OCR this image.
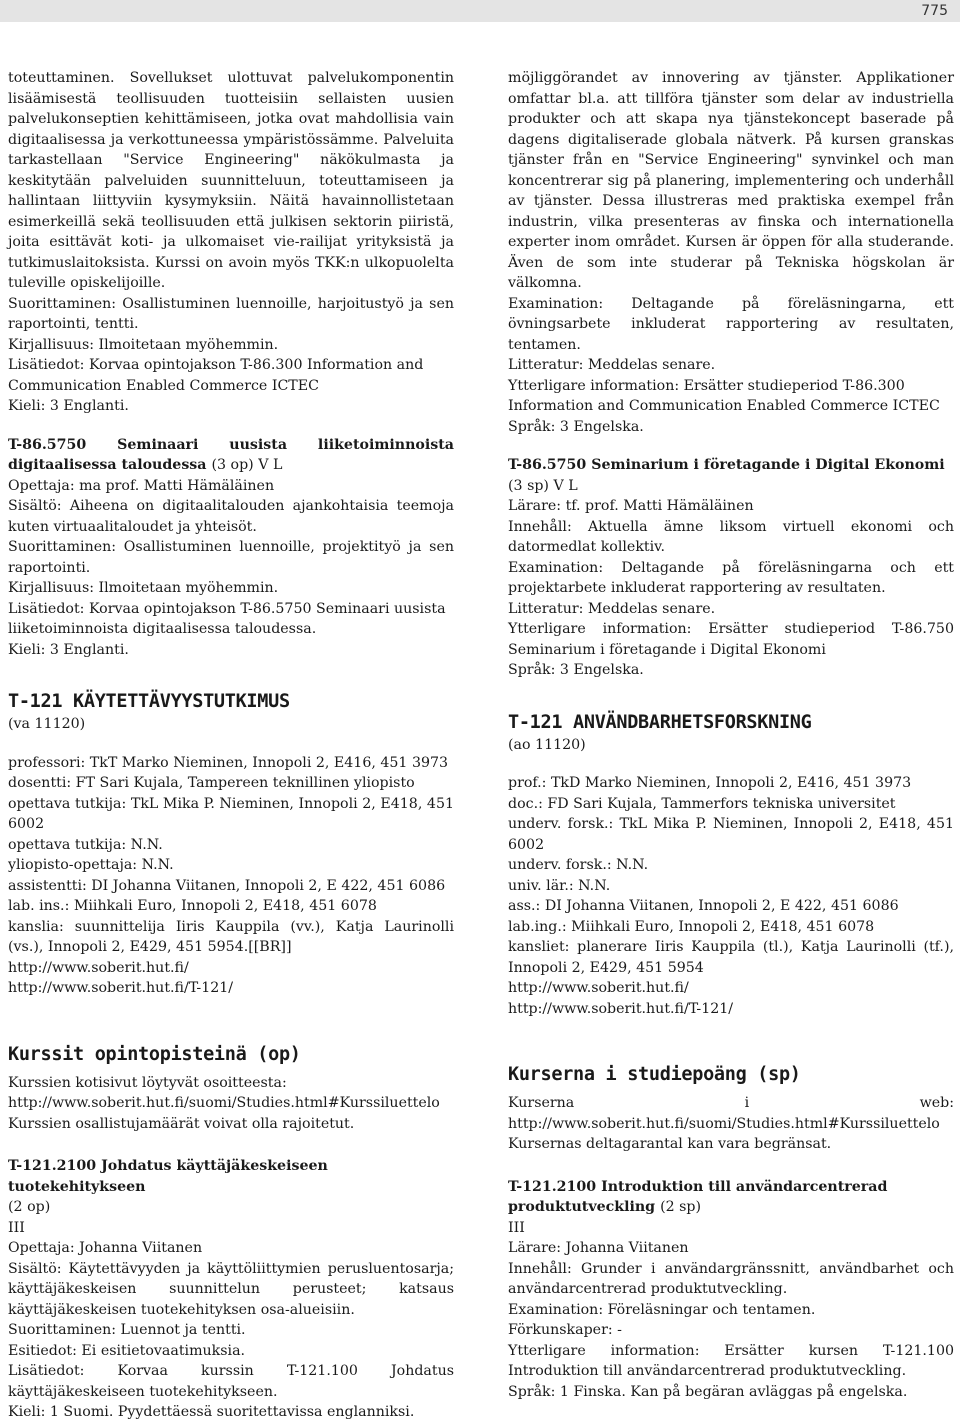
775

toteuttaminen. Sovellukset ulottuvat palvelukomponentin lisäämisestä teollisuuden tuotteisiin sellaisten uusien palvelukonseptien kehittämiseen, jotka ovat mahdollisia vain digitaalisessa ja verkottuneessa ympäristössämme. Palveluita tarkastellaan "Service Engineering" näkökulmasta ja keskitytään palveluiden suunnitteluun, toteuttamiseen ja hallintaan liittyviin kysymyksiin. Näitä havainnollistetaan esimerkeillä sekä teollisuuden että julkisen sektorin piiristä, joita esittävät koti- ja ulkomaiset vie-railijat yrityksistä ja tutkimuslaitoksista. Kurssi on avoin myös TKK:n ulkopuolelta tuleville opiskelijoille.

Suorittaminen: Osallistuminen luennoille, harjoitustyö ja sen raportointi, tentti.

Kirjallisuus: Ilmoitetaan myöhemmin.

Lisätiedot: Korvaa opintojakson T-86.300 Information and Communication Enabled Commerce ICTEC

Kieli: 3 Englanti.

T-86.5750 Seminaari uusista liiketoiminnoista digitaalisessa taloudessa (3 op) V L

Opettaja: ma prof. Matti Hämäläinen

Sisältö: Aiheena on digitaalitalouden ajankohtaisia teemoja kuten virtuaalitaloudet ja yhteisöt.

Suorittaminen: Osallistuminen luennoille, projektityö ja sen raportointi.

Kirjallisuus: Ilmoitetaan myöhemmin.

Lisätiedot: Korvaa opintojakson T-86.5750 Seminaari uusista liiketoiminnoista digitaalisessa taloudessa.

Kieli: 3 Englanti.

T-121 KÄYTETTÄVYYSTUTKIMUS

(va 11120)

professori: TkT Marko Nieminen, Innopoli 2, E416, 451 3973

dosentti: FT Sari Kujala, Tampereen teknillinen yliopisto

opettava tutkija: TkL Mika P. Nieminen, Innopoli 2, E418, 451 6002

opettava tutkija: N.N.

yliopisto-opettaja: N.N.

assistentti: DI Johanna Viitanen, Innopoli 2, E 422, 451 6086

lab. ins.: Miihkali Euro, Innopoli 2, E418, 451 6078

kanslia: suunnittelija Iiris Kauppila (vv.), Katja Laurinolli (vs.), Innopoli 2, E429, 451 5954.[[BR]]

http://www.soberit.hut.fi/

http://www.soberit.hut.fi/T-121/

Kurssit opintopisteinä (op)

Kurssien kotisivut löytyvät osoitteesta: http://www.soberit.hut.fi/suomi/Studies.html#Kurssiluettelo

Kurssien osallistujamäärät voivat olla rajoitetut.

T-121.2100 Johdatus käyttäjäkeskeiseen tuotekehitykseen

(2 op)

III

Opettaja: Johanna Viitanen

Sisältö: Käytettävyyden ja käyttöliittymien perusluentosarja; käyttäjäkeskeisen suunnittelun perusteet; katsaus käyttäjäkeskeisen tuotekehityksen osa-alueisiin.

Suorittaminen: Luennot ja tentti.

Esitiedot: Ei esitietovaatimuksia.

Lisätiedot: Korvaa kurssin T-121.100 Johdatus käyttäjäkeskeiseen tuotekehitykseen.

Kieli: 1 Suomi. Pyydettäessä suoritettavissa englanniksi.

möjliggörandet av innovering av tjänster. Applikationer omfattar bl.a. att tillföra tjänster som delar av industriella produkter och att skapa nya tjänstekoncept baserade på dagens digitaliserade globala nätverk. På kursen granskas tjänster från en "Service Engineering" synvinkel och man koncentrerar sig på planering, implementering och underhåll av tjänster. Dessa illustreras med praktiska exempel från industrin, vilka presenteras av finska och internationella experter inom området. Kursen är öppen för alla studerande. Även de som inte studerar på Tekniska högskolan är välkomna.

Examination: Deltagande på föreläsningarna, ett övningsarbete inkluderat rapportering av resultaten, tentamen.

Litteratur: Meddelas senare.

Ytterligare information: Ersätter studieperiod T-86.300 Information and Communication Enabled Commerce ICTEC

Språk: 3 Engelska.

T-86.5750 Seminarium i företagande i Digital Ekonomi

(3 sp) V L

Lärare: tf. prof. Matti Hämäläinen

Innehåll: Aktuella ämne liksom virtuell ekonomi och datormedlat kollektiv.

Examination: Deltagande på föreläsningarna och ett projektarbete inkluderat rapportering av resultaten.

Litteratur: Meddelas senare.

Ytterligare information: Ersätter studieperiod T-86.750 Seminarium i företagande i Digital Ekonomi

Språk: 3 Engelska.

T-121 ANVÄNDBARHETSFORSKNING

(ao 11120)

prof.: TkD Marko Nieminen, Innopoli 2, E416, 451 3973

doc.: FD Sari Kujala, Tammerfors tekniska universitet

underv. forsk.: TkL Mika P. Nieminen, Innopoli 2, E418, 451 6002

underv. forsk.: N.N.

univ. lär.: N.N.

ass.: DI Johanna Viitanen, Innopoli 2, E 422, 451 6086

lab.ing.: Miihkali Euro, Innopoli 2, E418, 451 6078

kansliet: planerare Iiris Kauppila (tl.), Katja Laurinolli (tf.), Innopoli 2, E429, 451 5954

http://www.soberit.hut.fi/

http://www.soberit.hut.fi/T-121/

Kurserna i studiepoäng (sp)

Kurserna i web: http://www.soberit.hut.fi/suomi/Studies.html#Kurssiluettelo

Kursernas deltagarantal kan vara begränsat.

T-121.2100 Introduktion till användarcentrerad produktutveckling (2 sp)

III

Lärare: Johanna Viitanen

Innehåll: Grunder i användargränssnitt, användbarhet och användarcentrerad produktutveckling.

Examination: Föreläsningar och tentamen.

Förkunskaper: -

Ytterligare information: Ersätter kursen T-121.100 Introduktion till användarcentrerad produktutveckling.

Språk: 1 Finska. Kan på begäran avläggas på engelska.
